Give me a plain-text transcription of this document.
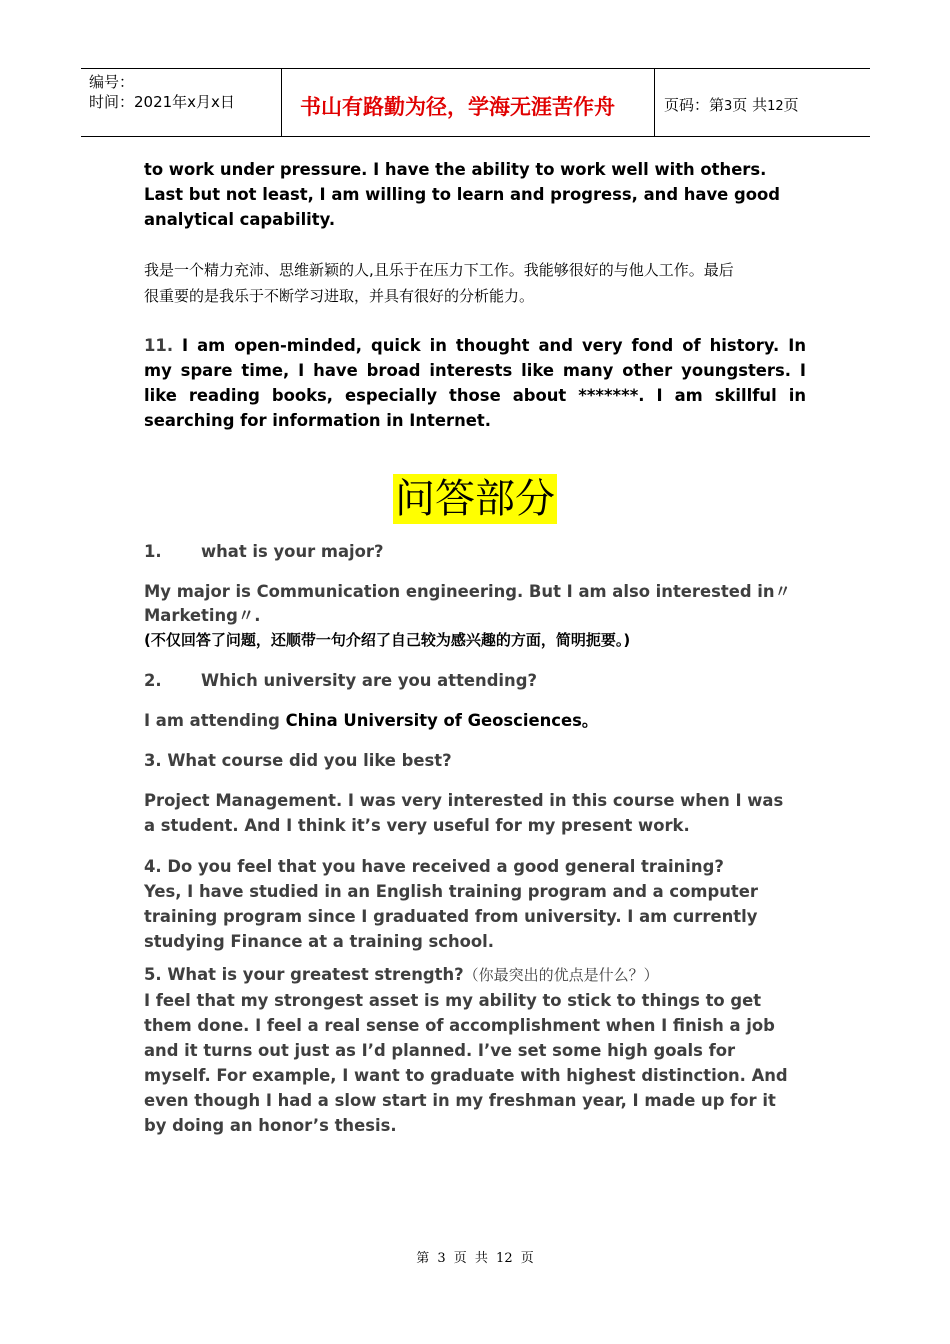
编号：
时间：2021年x月x日	书山有路勤为径，学海无涯苦作舟	页码：第3页 共12页

to work under pressure. I have the ability to work well with others.

Last but not least, I am willing to learn and progress, and have good

analytical capability.

我是一个精力充沛、思维新颖的人,且乐于在压力下工作。我能够很好的与他人工作。最后

很重要的是我乐于不断学习进取，并具有很好的分析能力。

11. I am open-minded, quick in thought and very fond of history. In

my spare time, I have broad interests like many other youngsters. I

like reading books, especially those about *******. I am skillful in

searching for information in Internet.

问答部分

1. what is your major?

My major is Communication engineering. But I am also interested in〃

Marketing〃.

(不仅回答了问题，还顺带一句介绍了自己较为感兴趣的方面，简明扼要。)

2. Which university are you attending?

I am attending China University of Geosciences。

3. What course did you like best?

Project Management. I was very interested in this course when I was

a student. And I think it’s very useful for my present work.

4. Do you feel that you have received a good general training?

Yes, I have studied in an English training program and a computer

training program since I graduated from university. I am currently

studying Finance at a training school.

5. What is your greatest strength?（你最突出的优点是什么？）

I feel that my strongest asset is my ability to stick to things to get

them done. I feel a real sense of accomplishment when I finish a job

and it turns out just as I’d planned. I’ve set some high goals for

myself. For example, I want to graduate with highest distinction. And

even though I had a slow start in my freshman year, I made up for it

by doing an honor’s thesis.

第 3 页 共 12 页
